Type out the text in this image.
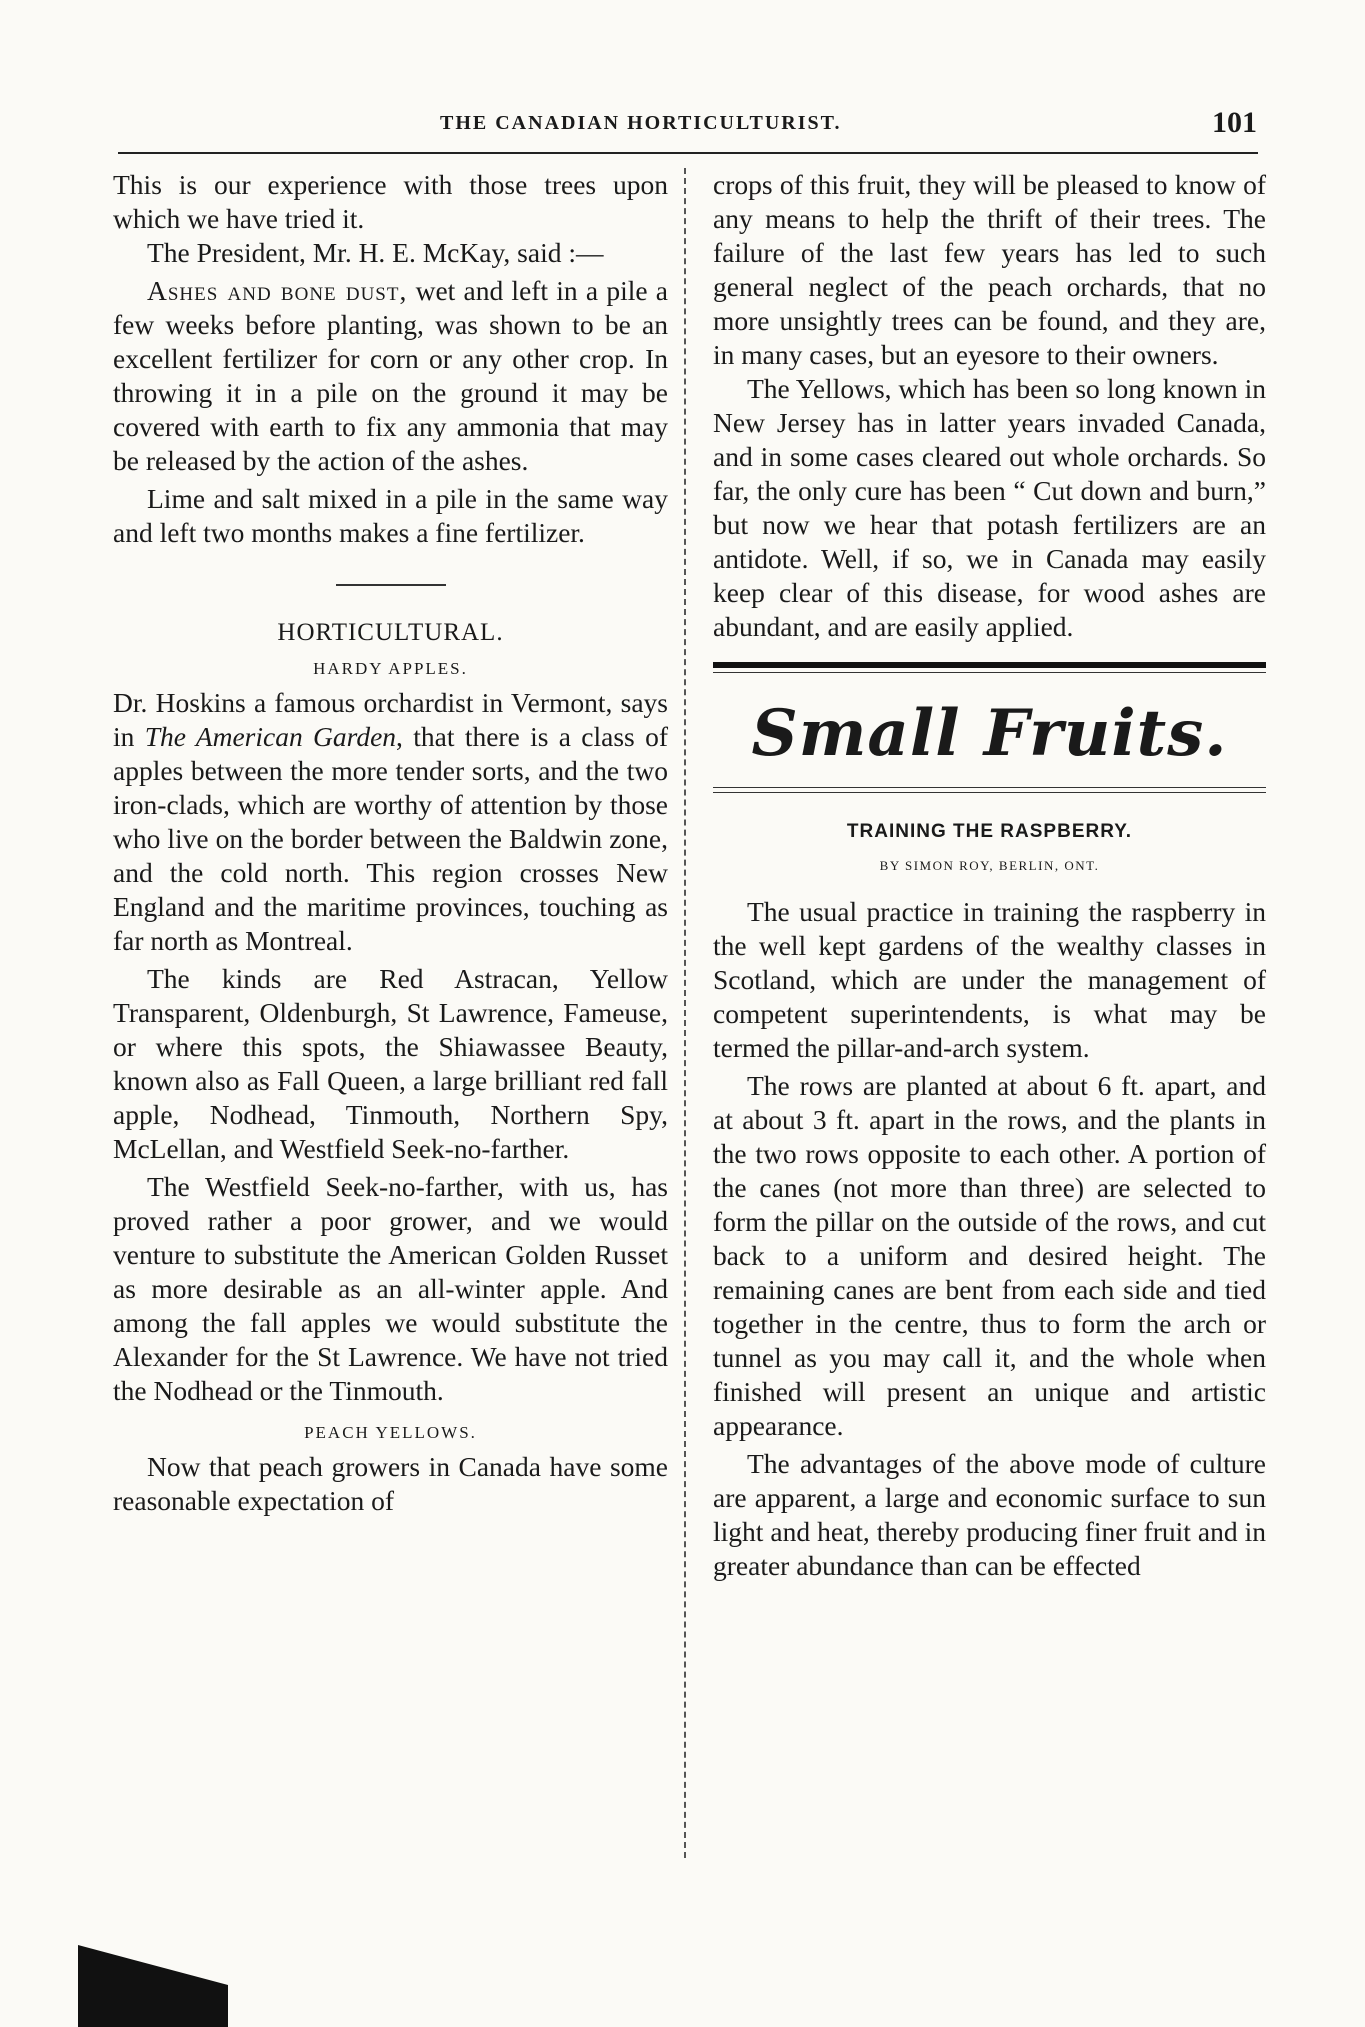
THE CANADIAN HORTICULTURIST.	101

This is our experience with those trees upon which we have tried it.

The President, Mr. H. E. McKay, said :—

Ashes and bone dust, wet and left in a pile a few weeks before planting, was shown to be an excellent fertilizer for corn or any other crop. In throwing it in a pile on the ground it may be covered with earth to fix any ammonia that may be released by the action of the ashes.

Lime and salt mixed in a pile in the same way and left two months makes a fine fertilizer.

HORTICULTURAL.
HARDY APPLES.

Dr. Hoskins a famous orchardist in Vermont, says in The American Garden, that there is a class of apples between the more tender sorts, and the two iron-clads, which are worthy of attention by those who live on the border between the Baldwin zone, and the cold north. This region crosses New England and the maritime provinces, touching as far north as Montreal.

The kinds are Red Astracan, Yellow Transparent, Oldenburgh, St Lawrence, Fameuse, or where this spots, the Shiawassee Beauty, known also as Fall Queen, a large brilliant red fall apple, Nodhead, Tinmouth, Northern Spy, McLellan, and Westfield Seek-no-farther.

The Westfield Seek-no-farther, with us, has proved rather a poor grower, and we would venture to substitute the American Golden Russet as more desirable as an all-winter apple. And among the fall apples we would substitute the Alexander for the St Lawrence. We have not tried the Nodhead or the Tinmouth.

PEACH YELLOWS.

Now that peach growers in Canada have some reasonable expectation of

crops of this fruit, they will be pleased to know of any means to help the thrift of their trees. The failure of the last few years has led to such general neglect of the peach orchards, that no more unsightly trees can be found, and they are, in many cases, but an eyesore to their owners.

The Yellows, which has been so long known in New Jersey has in latter years invaded Canada, and in some cases cleared out whole orchards. So far, the only cure has been “ Cut down and burn,” but now we hear that potash fertilizers are an antidote. Well, if so, we in Canada may easily keep clear of this disease, for wood ashes are abundant, and are easily applied.

Small Fruits.
TRAINING THE RASPBERRY.
BY SIMON ROY, BERLIN, ONT.

The usual practice in training the raspberry in the well kept gardens of the wealthy classes in Scotland, which are under the management of competent superintendents, is what may be termed the pillar-and-arch system.

The rows are planted at about 6 ft. apart, and at about 3 ft. apart in the rows, and the plants in the two rows opposite to each other. A portion of the canes (not more than three) are selected to form the pillar on the outside of the rows, and cut back to a uniform and desired height. The remaining canes are bent from each side and tied together in the centre, thus to form the arch or tunnel as you may call it, and the whole when finished will present an unique and artistic appearance.

The advantages of the above mode of culture are apparent, a large and economic surface to sun light and heat, thereby producing finer fruit and in greater abundance than can be effected
